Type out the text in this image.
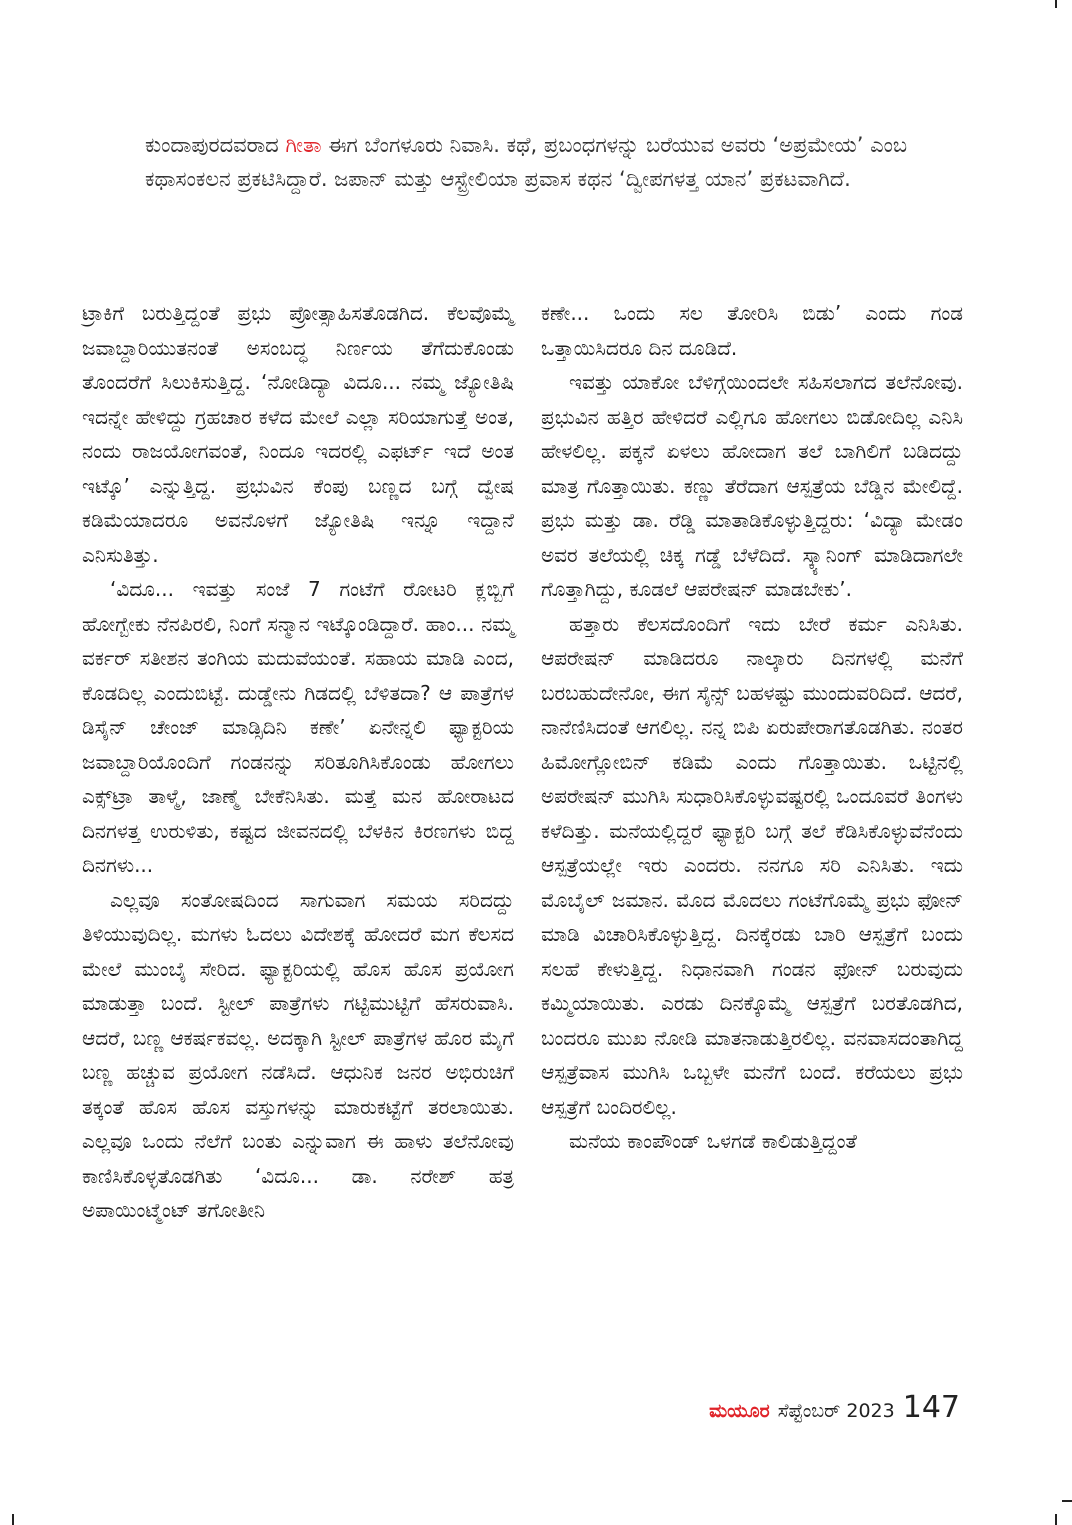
ಕುಂದಾಪುರದವರಾದ ಗೀತಾ ಈಗ ಬೆಂಗಳೂರು ನಿವಾಸಿ. ಕಥೆ, ಪ್ರಬಂಧಗಳನ್ನು ಬರೆಯುವ ಅವರು ‘ಅಪ್ರಮೇಯ’ ಎಂಬ ಕಥಾಸಂಕಲನ ಪ್ರಕಟಿಸಿದ್ದಾರೆ. ಜಪಾನ್ ಮತ್ತು ಆಸ್ಟ್ರೇಲಿಯಾ ಪ್ರವಾಸ ಕಥನ ‘ದ್ವೀಪಗಳತ್ತ ಯಾನ’ ಪ್ರಕಟವಾಗಿದೆ.

ಟ್ರಾಕಿಗೆ ಬರುತ್ತಿದ್ದಂತೆ ಪ್ರಭು ಪ್ರೋತ್ಸಾಹಿಸತೊಡಗಿದ. ಕೆಲವೊಮ್ಮೆ ಜವಾಬ್ದಾರಿಯುತನಂತೆ ಅಸಂಬದ್ಧ ನಿರ್ಣಯ ತೆಗೆದುಕೊಂಡು ತೊಂದರೆಗೆ ಸಿಲುಕಿಸುತ್ತಿದ್ದ. ‘ನೋಡಿದ್ಯಾ ವಿದೂ... ನಮ್ಮ ಜ್ಯೋತಿಷಿ ಇದನ್ನೇ ಹೇಳಿದ್ದು ಗ್ರಹಚಾರ ಕಳೆದ ಮೇಲೆ ಎಲ್ಲಾ ಸರಿಯಾಗುತ್ತೆ ಅಂತ, ನಂದು ರಾಜಯೋಗವಂತೆ, ನಿಂದೂ ಇದರಲ್ಲಿ ಎಫರ್ಟ್ ಇದೆ ಅಂತ ಇಟ್ಕೊ’ ಎನ್ನುತ್ತಿದ್ದ. ಪ್ರಭುವಿನ ಕೆಂಪು ಬಣ್ಣದ ಬಗ್ಗೆ ದ್ವೇಷ ಕಡಿಮೆಯಾದರೂ ಅವನೊಳಗೆ ಜ್ಯೋತಿಷಿ ಇನ್ನೂ ಇದ್ದಾನೆ ಎನಿಸುತಿತ್ತು.

‘ವಿದೂ... ಇವತ್ತು ಸಂಜೆ 7 ಗಂಟೆಗೆ ರೋಟರಿ ಕ್ಲಬ್ಬಿಗೆ ಹೋಗ್ಬೇಕು ನೆನಪಿರಲಿ, ನಿಂಗೆ ಸನ್ಮಾನ ಇಟ್ಕೊಂಡಿದ್ದಾರೆ. ಹಾಂ... ನಮ್ಮ ವರ್ಕರ್ ಸತೀಶನ ತಂಗಿಯ ಮದುವೆಯಂತೆ. ಸಹಾಯ ಮಾಡಿ ಎಂದ, ಕೊಡದಿಲ್ಲ ಎಂದುಬಿಟ್ಟೆ. ದುಡ್ಡೇನು ಗಿಡದಲ್ಲಿ ಬೆಳಿತದಾ? ಆ ಪಾತ್ರೆಗಳ ಡಿಸೈನ್ ಚೇಂಜ್ ಮಾಡ್ಸಿದಿನಿ ಕಣೇ’ ಏನೇನ್ನಲಿ ಫ್ಯಾಕ್ಟರಿಯ ಜವಾಬ್ದಾರಿಯೊಂದಿಗೆ ಗಂಡನನ್ನು ಸರಿತೂಗಿಸಿಕೊಂಡು ಹೋಗಲು ಎಕ್ಸ್‌ಟ್ರಾ ತಾಳ್ಮೆ, ಜಾಣ್ಮೆ ಬೇಕೆನಿಸಿತು. ಮತ್ತೆ ಮನ ಹೋರಾಟದ ದಿನಗಳತ್ತ ಉರುಳಿತು, ಕಷ್ಟದ ಜೀವನದಲ್ಲಿ ಬೆಳಕಿನ ಕಿರಣಗಳು ಬಿದ್ದ ದಿನಗಳು...

ಎಲ್ಲವೂ ಸಂತೋಷದಿಂದ ಸಾಗುವಾಗ ಸಮಯ ಸರಿದದ್ದು ತಿಳಿಯುವುದಿಲ್ಲ. ಮಗಳು ಓದಲು ವಿದೇಶಕ್ಕೆ ಹೋದರೆ ಮಗ ಕೆಲಸದ ಮೇಲೆ ಮುಂಬೈ ಸೇರಿದ. ಫ್ಯಾಕ್ಟರಿಯಲ್ಲಿ ಹೊಸ ಹೊಸ ಪ್ರಯೋಗ ಮಾಡುತ್ತಾ ಬಂದೆ. ಸ್ಟೀಲ್ ಪಾತ್ರೆಗಳು ಗಟ್ಟಿಮುಟ್ಟಿಗೆ ಹೆಸರುವಾಸಿ. ಆದರೆ, ಬಣ್ಣ ಆಕರ್ಷಕವಲ್ಲ. ಅದಕ್ಕಾಗಿ ಸ್ಟೀಲ್ ಪಾತ್ರೆಗಳ ಹೊರ ಮೈಗೆ ಬಣ್ಣ ಹಚ್ಚುವ ಪ್ರಯೋಗ ನಡೆಸಿದೆ. ಆಧುನಿಕ ಜನರ ಅಭಿರುಚಿಗೆ ತಕ್ಕಂತೆ ಹೊಸ ಹೊಸ ವಸ್ತುಗಳನ್ನು ಮಾರುಕಟ್ಟೆಗೆ ತರಲಾಯಿತು. ಎಲ್ಲವೂ ಒಂದು ನೆಲೆಗೆ ಬಂತು ಎನ್ನುವಾಗ ಈ ಹಾಳು ತಲೆನೋವು ಕಾಣಿಸಿಕೊಳ್ಳತೊಡಗಿತು ‘ವಿದೂ... ಡಾ. ನರೇಶ್ ಹತ್ರ ಅಪಾಯಿಂಟ್ಮೆಂಟ್ ತಗೋತೀನಿ

ಕಣೇ... ಒಂದು ಸಲ ತೋರಿಸಿ ಬಿಡು’ ಎಂದು ಗಂಡ ಒತ್ತಾಯಿಸಿದರೂ ದಿನ ದೂಡಿದೆ.

ಇವತ್ತು ಯಾಕೋ ಬೆಳಿಗ್ಗೆಯಿಂದಲೇ ಸಹಿಸಲಾಗದ ತಲೆನೋವು. ಪ್ರಭುವಿನ ಹತ್ತಿರ ಹೇಳಿದರೆ ಎಲ್ಲಿಗೂ ಹೋಗಲು ಬಿಡೋದಿಲ್ಲ ಎನಿಸಿ ಹೇಳಲಿಲ್ಲ. ಪಕ್ಕನೆ ಏಳಲು ಹೋದಾಗ ತಲೆ ಬಾಗಿಲಿಗೆ ಬಡಿದದ್ದು ಮಾತ್ರ ಗೊತ್ತಾಯಿತು. ಕಣ್ಣು ತೆರೆದಾಗ ಆಸ್ಪತ್ರೆಯ ಬೆಡ್ಡಿನ ಮೇಲಿದ್ದೆ. ಪ್ರಭು ಮತ್ತು ಡಾ. ರೆಡ್ಡಿ ಮಾತಾಡಿಕೊಳ್ಳುತ್ತಿದ್ದರು: ‘ವಿದ್ಯಾ ಮೇಡಂ ಅವರ ತಲೆಯಲ್ಲಿ ಚಿಕ್ಕ ಗಡ್ಡೆ ಬೆಳೆದಿದೆ. ಸ್ಕ್ಯಾನಿಂಗ್ ಮಾಡಿದಾಗಲೇ ಗೊತ್ತಾಗಿದ್ದು, ಕೂಡಲೆ ಆಪರೇಷನ್ ಮಾಡಬೇಕು’.

ಹತ್ತಾರು ಕೆಲಸದೊಂದಿಗೆ ಇದು ಬೇರೆ ಕರ್ಮ ಎನಿಸಿತು. ಆಪರೇಷನ್ ಮಾಡಿದರೂ ನಾಲ್ಕಾರು ದಿನಗಳಲ್ಲಿ ಮನೆಗೆ ಬರಬಹುದೇನೋ, ಈಗ ಸೈನ್ಸ್ ಬಹಳಷ್ಟು ಮುಂದುವರಿದಿದೆ. ಆದರೆ, ನಾನೆಣಿಸಿದಂತೆ ಆಗಲಿಲ್ಲ. ನನ್ನ ಬಿಪಿ ಏರುಪೇರಾಗತೊಡಗಿತು. ನಂತರ ಹಿಮೋಗ್ಲೋಬಿನ್ ಕಡಿಮೆ ಎಂದು ಗೊತ್ತಾಯಿತು. ಒಟ್ಟಿನಲ್ಲಿ ಅಪರೇಷನ್ ಮುಗಿಸಿ ಸುಧಾರಿಸಿಕೊಳ್ಳುವಷ್ಟರಲ್ಲಿ ಒಂದೂವರೆ ತಿಂಗಳು ಕಳೆದಿತ್ತು. ಮನೆಯಲ್ಲಿದ್ದರೆ ಫ್ಯಾಕ್ಟರಿ ಬಗ್ಗೆ ತಲೆ ಕೆಡಿಸಿಕೊಳ್ಳುವೆನೆಂದು ಆಸ್ಪತ್ರೆಯಲ್ಲೇ ಇರು ಎಂದರು. ನನಗೂ ಸರಿ ಎನಿಸಿತು. ಇದು ಮೊಬೈಲ್ ಜಮಾನ. ಮೊದ ಮೊದಲು ಗಂಟೆಗೊಮ್ಮೆ ಪ್ರಭು ಫೋನ್ ಮಾಡಿ ವಿಚಾರಿಸಿಕೊಳ್ಳುತ್ತಿದ್ದ. ದಿನಕ್ಕೆರಡು ಬಾರಿ ಆಸ್ಪತ್ರೆಗೆ ಬಂದು ಸಲಹೆ ಕೇಳುತ್ತಿದ್ದ. ನಿಧಾನವಾಗಿ ಗಂಡನ ಫೋನ್ ಬರುವುದು ಕಮ್ಮಿಯಾಯಿತು. ಎರಡು ದಿನಕ್ಕೊಮ್ಮೆ ಆಸ್ಪತ್ರೆಗೆ ಬರತೊಡಗಿದ, ಬಂದರೂ ಮುಖ ನೋಡಿ ಮಾತನಾಡುತ್ತಿರಲಿಲ್ಲ. ವನವಾಸದಂತಾಗಿದ್ದ ಆಸ್ಪತ್ರೆವಾಸ ಮುಗಿಸಿ ಒಬ್ಬಳೇ ಮನೆಗೆ ಬಂದೆ. ಕರೆಯಲು ಪ್ರಭು ಆಸ್ಪತ್ರೆಗೆ ಬಂದಿರಲಿಲ್ಲ.

ಮನೆಯ ಕಾಂಪೌಂಡ್ ಒಳಗಡೆ ಕಾಲಿಡುತ್ತಿದ್ದಂತೆ

ಮಯೂರ ಸೆಪ್ಟೆಂಬರ್ 2023 147
